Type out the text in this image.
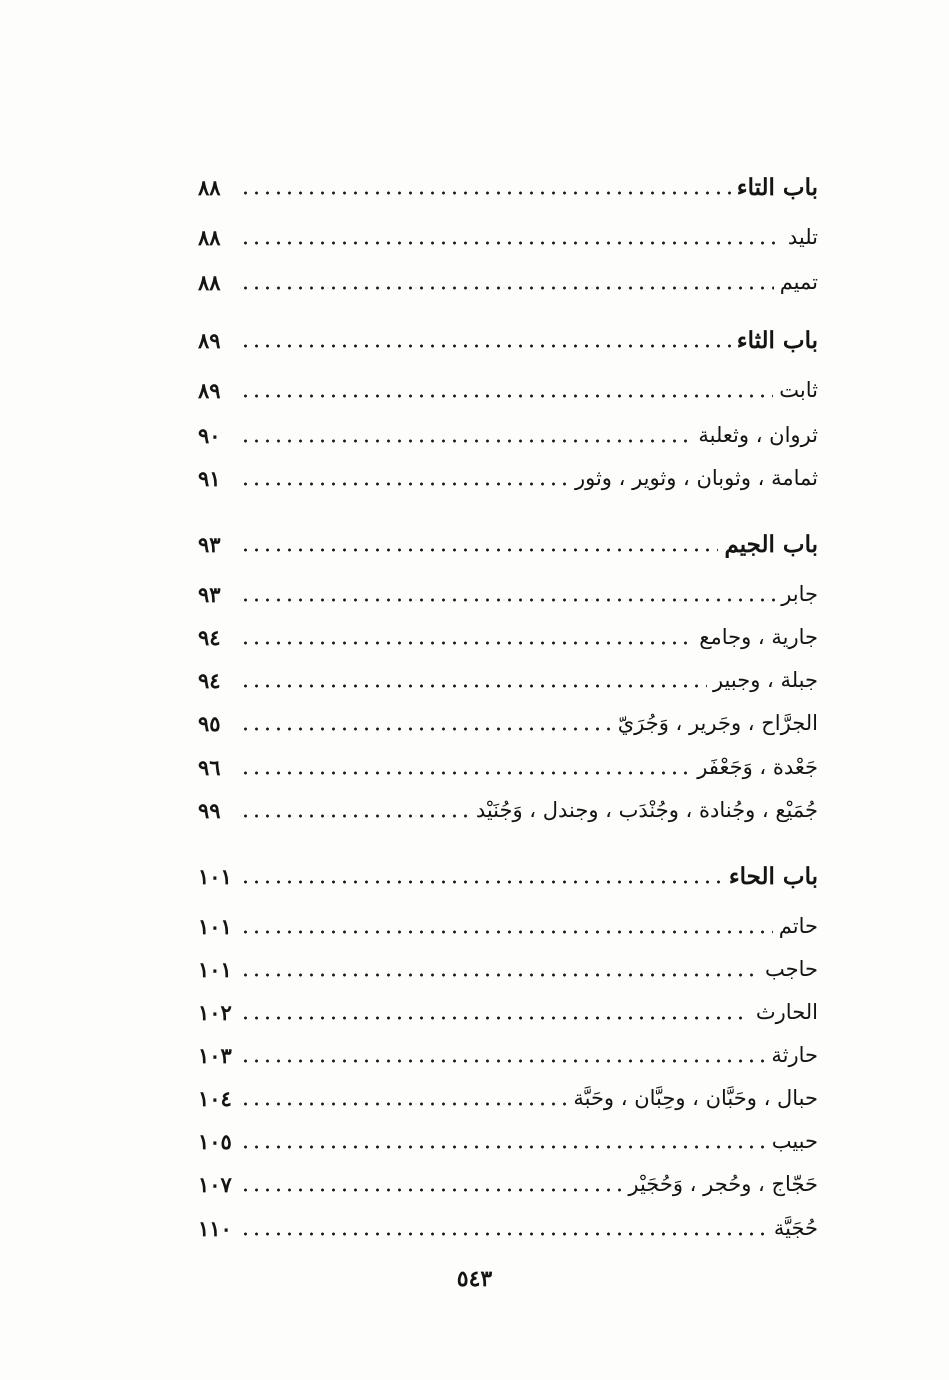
باب التاء
٨٨
تليد
٨٨
تميم
٨٨
باب الثاء
٨٩
ثابت
٨٩
ثروان ، وثعلبة
٩٠
ثمامة ، وثوبان ، وثوير ، وثور
٩١
باب الجيم
٩٣
جابر
٩٣
جارية ، وجامع
٩٤
جبلة ، وجبير
٩٤
الجرَّاح ، وجَرير ، وَجُرَيّ
٩٥
جَعْدة ، وَجَعْفَر
٩٦
جُمَيْع ، وجُنادة ، وجُنْدَب ، وجندل ، وَجُنَيْد
٩٩
باب الحاء
١٠١
حاتم
١٠١
حاجب
١٠١
الحارث
١٠٢
حارثة
١٠٣
حبال ، وحَبَّان ، وحِبَّان ، وحَبَّة
١٠٤
حبيب
١٠٥
حَجّاج ، وحُجر ، وَحُجَيْر
١٠٧
حُجَيَّة
١١٠
٥٤٣
